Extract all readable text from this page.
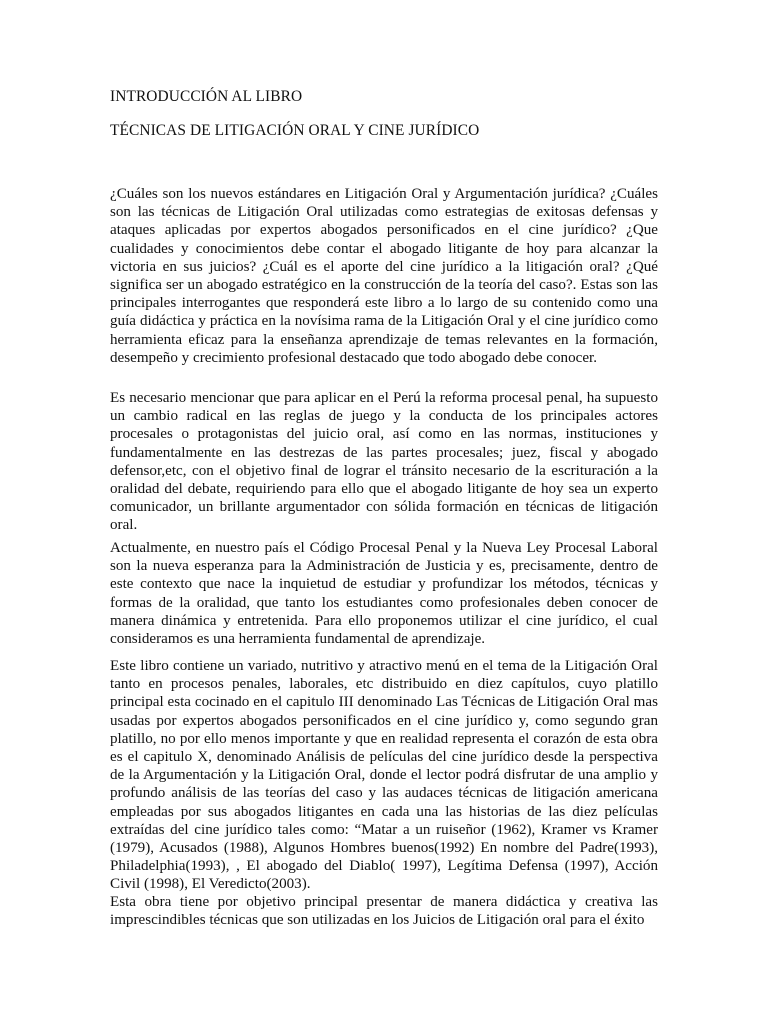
INTRODUCCIÓN AL LIBRO
TÉCNICAS DE LITIGACIÓN ORAL Y CINE JURÍDICO

¿Cuáles son los nuevos estándares en Litigación Oral y Argumentación jurídica? ¿Cuáles son las técnicas de Litigación Oral utilizadas como estrategias de exitosas defensas y ataques aplicadas por expertos abogados personificados en el cine jurídico? ¿Que cualidades y conocimientos debe contar el abogado litigante de hoy para alcanzar la victoria en sus juicios? ¿Cuál es el aporte del cine jurídico a la litigación oral? ¿Qué significa ser un abogado estratégico en la construcción de la teoría del caso?. Estas son las principales interrogantes que responderá este libro a lo largo de su contenido como una guía didáctica y práctica en la novísima rama de la Litigación Oral y el cine jurídico como herramienta eficaz para la enseñanza aprendizaje de temas relevantes en la formación, desempeño y crecimiento profesional destacado que todo abogado debe conocer.

Es necesario mencionar que para aplicar en el Perú la reforma procesal penal, ha supuesto un cambio radical en las reglas de juego y la conducta de los principales actores procesales o protagonistas del juicio oral, así como en las normas, instituciones y fundamentalmente en las destrezas de las partes procesales; juez, fiscal y abogado defensor,etc, con el objetivo final de lograr el tránsito necesario de la escrituración a la oralidad del debate, requiriendo para ello que el abogado litigante de hoy sea un experto comunicador, un brillante argumentador con sólida formación en técnicas de litigación oral.

Actualmente, en nuestro país el Código Procesal Penal y la Nueva Ley Procesal Laboral son la nueva esperanza para la Administración de Justicia y es, precisamente, dentro de este contexto que nace la inquietud de estudiar y profundizar los métodos, técnicas y formas de la oralidad, que tanto los estudiantes como profesionales deben conocer de manera dinámica y entretenida. Para ello proponemos utilizar el cine jurídico, el cual consideramos es una herramienta fundamental de aprendizaje.

Este libro contiene un variado, nutritivo y atractivo menú en el tema de la Litigación Oral tanto en procesos penales, laborales, etc distribuido en diez capítulos, cuyo platillo principal esta cocinado en el capitulo III denominado Las Técnicas de Litigación Oral mas usadas por expertos abogados personificados en el cine jurídico y, como segundo gran platillo, no por ello menos importante y que en realidad representa el corazón de esta obra es el capitulo X, denominado Análisis de películas del cine jurídico desde la perspectiva de la Argumentación y la Litigación Oral, donde el lector podrá disfrutar de una amplio y profundo análisis de las teorías del caso y las audaces técnicas de litigación americana empleadas por sus abogados litigantes en cada una las historias de las diez películas extraídas del cine jurídico tales como: “Matar a un ruiseñor (1962), Kramer vs Kramer (1979), Acusados (1988), Algunos Hombres buenos(1992) En nombre del Padre(1993), Philadelphia(1993), , El abogado del Diablo( 1997), Legítima Defensa (1997), Acción Civil (1998), El Veredicto(2003).

Esta obra tiene por objetivo principal presentar de manera didáctica y creativa las imprescindibles técnicas que son utilizadas en los Juicios de Litigación oral para el éxito
